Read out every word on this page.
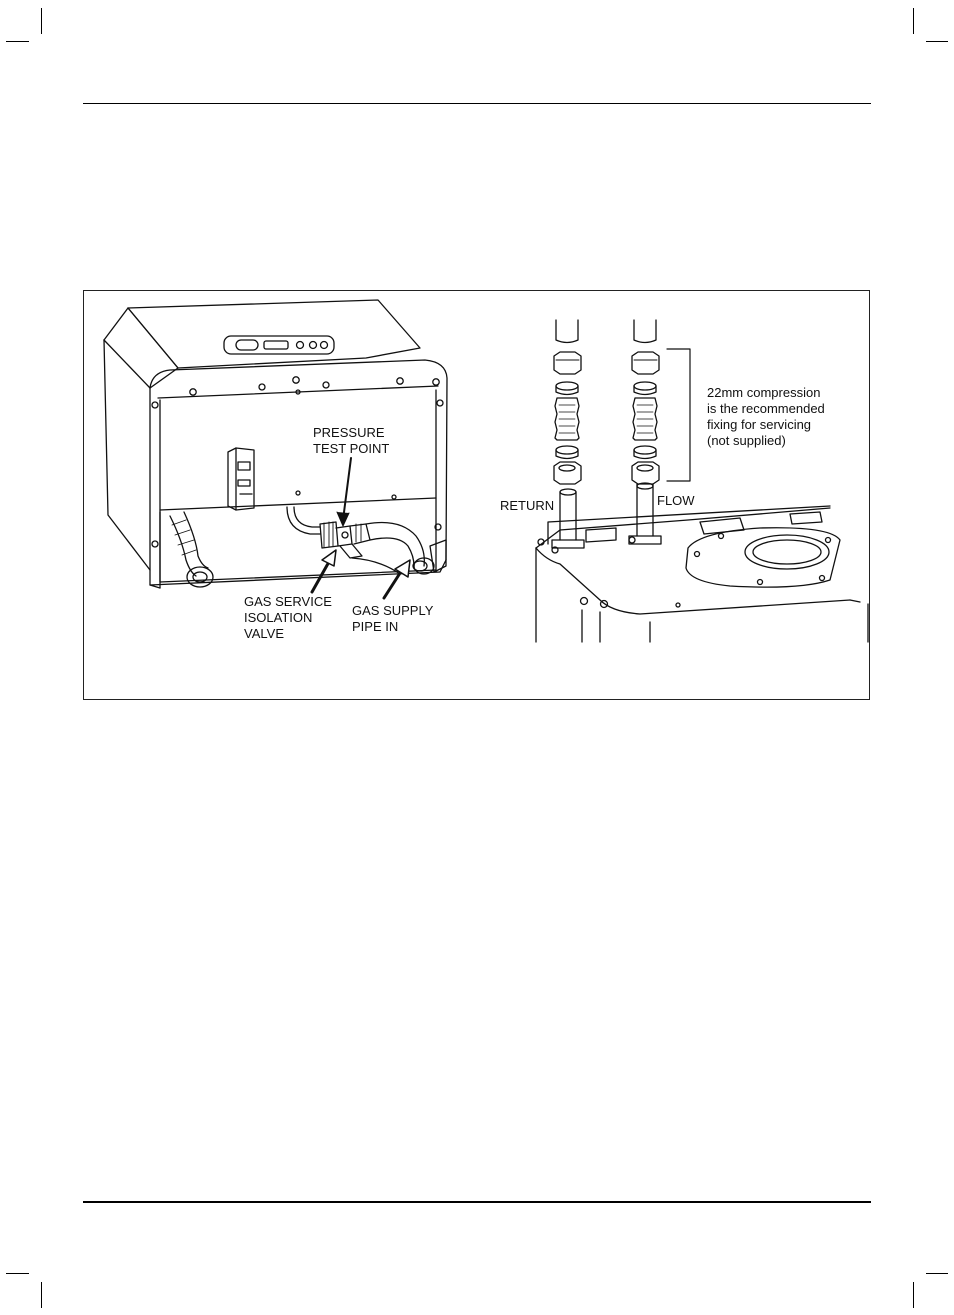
PRESSURE
TEST POINT
GAS SERVICE
ISOLATION
VALVE
GAS SUPPLY
PIPE IN
RETURN	FLOW
22mm compression
is the recommended
fixing for servicing
(not supplied)
